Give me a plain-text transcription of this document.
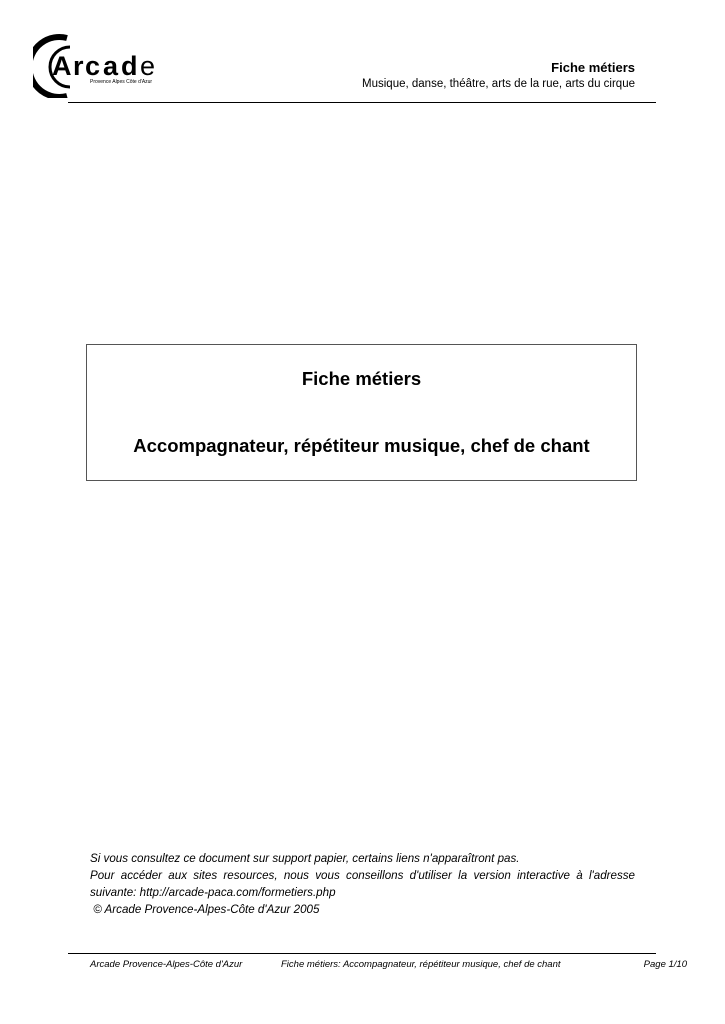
A r c a d e
Provence Alpes Côte d'Azur
Fiche métiers
Musique, danse, théâtre, arts de la rue, arts du cirque
Fiche métiers
Accompagnateur, répétiteur musique, chef de chant

Si vous consultez ce document sur support papier, certains liens n'apparaîtront pas.

Pour accéder aux sites resources, nous vous conseillons d'utiliser la version interactive à l'adresse suivante: http://arcade-paca.com/formetiers.php

© Arcade Provence-Alpes-Côte d'Azur 2005

Arcade Provence-Alpes-Côte d'Azur	Fiche métiers: Accompagnateur, répétiteur musique, chef de chant	Page 1/10
